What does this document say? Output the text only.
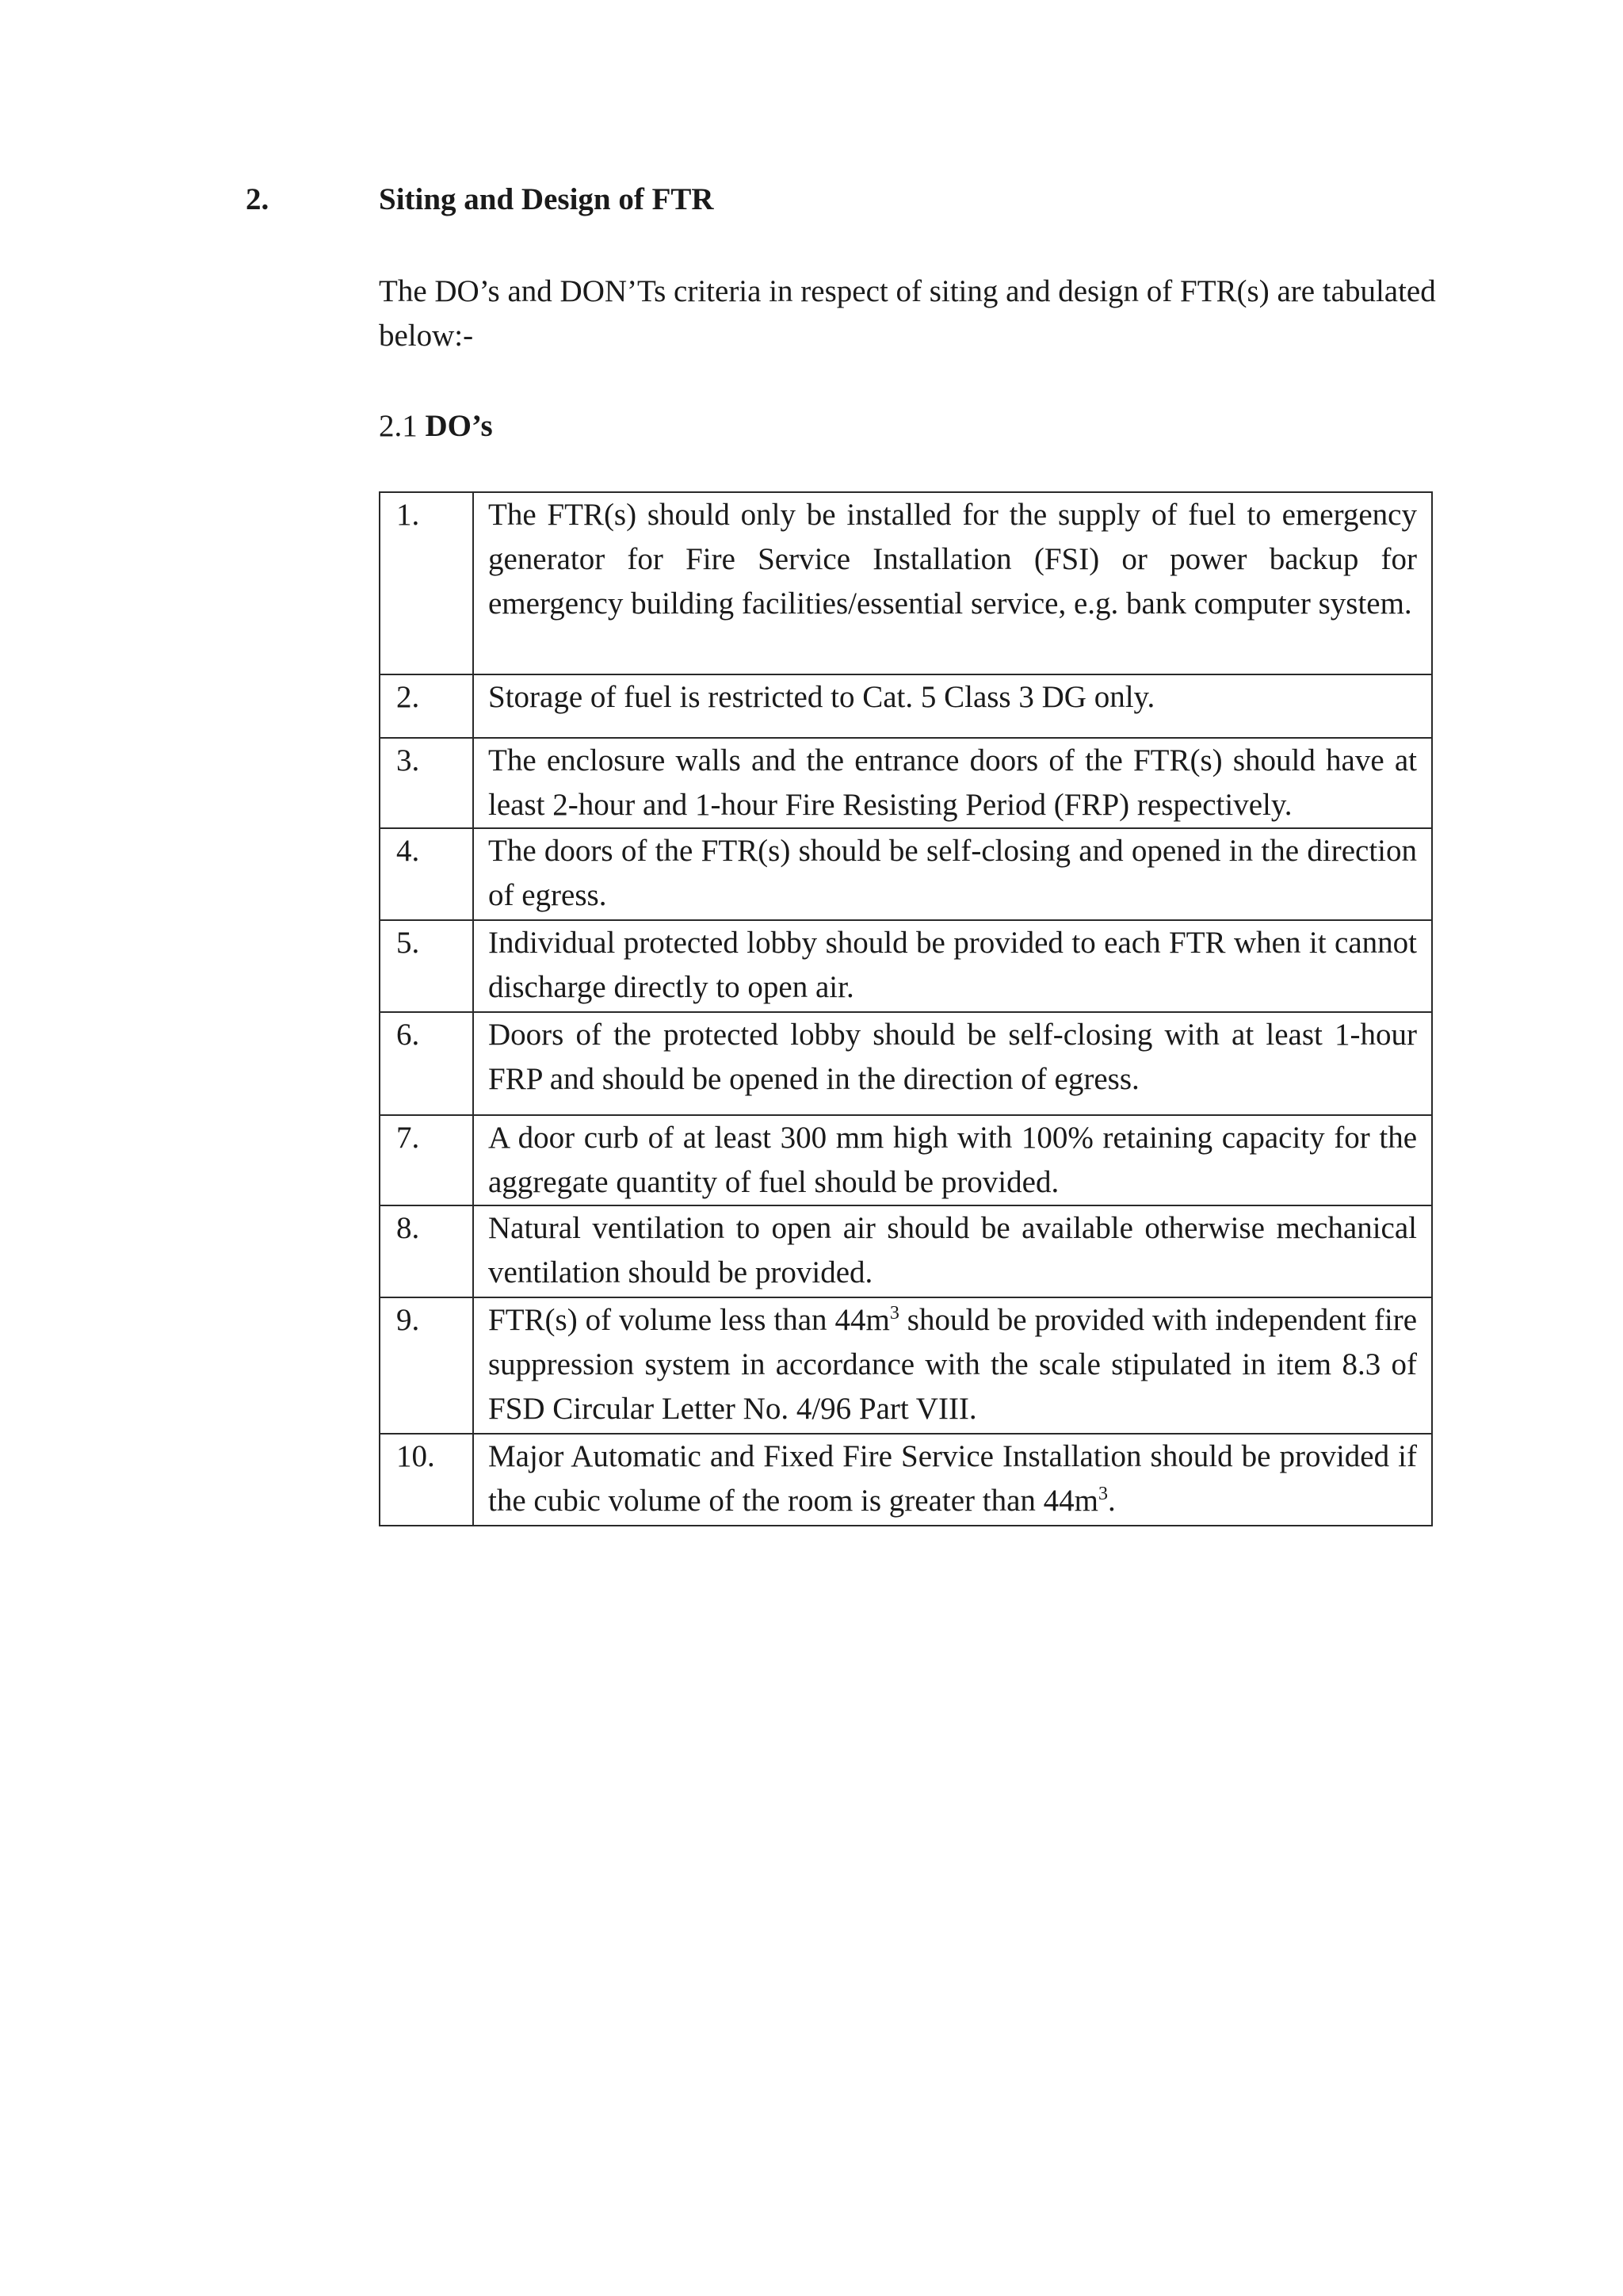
2.	Siting and Design of FTR

The DO’s and DON’Ts criteria in respect of siting and design of FTR(s) are tabulated below:-

2.1 DO’s
1.	The FTR(s) should only be installed for the supply of fuel to emergency generator for Fire Service Installation (FSI) or power backup for emergency building facilities/essential service, e.g. bank computer system.
2.	Storage of fuel is restricted to Cat. 5 Class 3 DG only.
3.	The enclosure walls and the entrance doors of the FTR(s) should have at least 2-hour and 1-hour Fire Resisting Period (FRP) respectively.
4.	The doors of the FTR(s) should be self-closing and opened in the direction of egress.
5.	Individual protected lobby should be provided to each FTR when it cannot discharge directly to open air.
6.	Doors of the protected lobby should be self-closing with at least 1-hour FRP and should be opened in the direction of egress.
7.	A door curb of at least 300 mm high with 100% retaining capacity for the aggregate quantity of fuel should be provided.
8.	Natural ventilation to open air should be available otherwise mechanical ventilation should be provided.
9.	FTR(s) of volume less than $44m^3$ should be provided with independent fire suppression system in accordance with the scale stipulated in item 8.3 of FSD Circular Letter No. 4/96 Part VIII.
10.	Major Automatic and Fixed Fire Service Installation should be provided if the cubic volume of the room is greater than $44m^3$.
